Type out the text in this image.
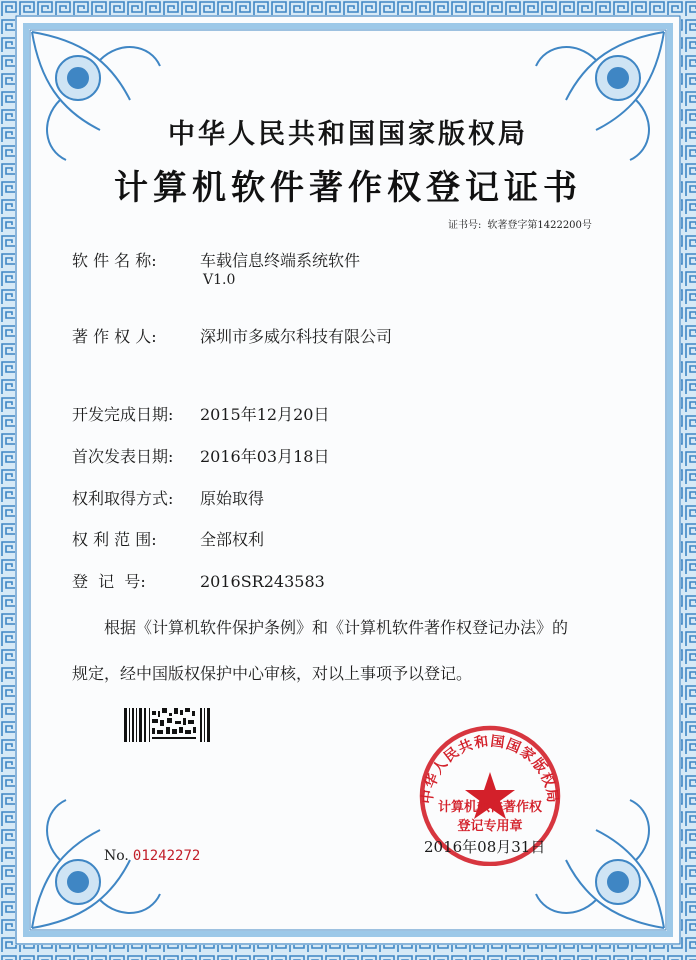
中华人民共和国国家版权局
计算机软件著作权登记证书
证书号: 软著登字第1422200号
软 件 名 称:	车载信息终端系统软件
V1.0
著 作 权 人:	深圳市多威尔科技有限公司
开发完成日期: 2015年12月20日
首次发表日期: 2016年03月18日
权利取得方式: 原始取得
权 利 范 围:	全部权利
登  记  号:	2016SR243583
根据《计算机软件保护条例》和《计算机软件著作权登记办法》的
规定，经中国版权保护中心审核，对以上事项予以登记。
No. 01242272
中华人民共和国国家版权局
计算机软件著作权
2016年08月31日
登记专用章
